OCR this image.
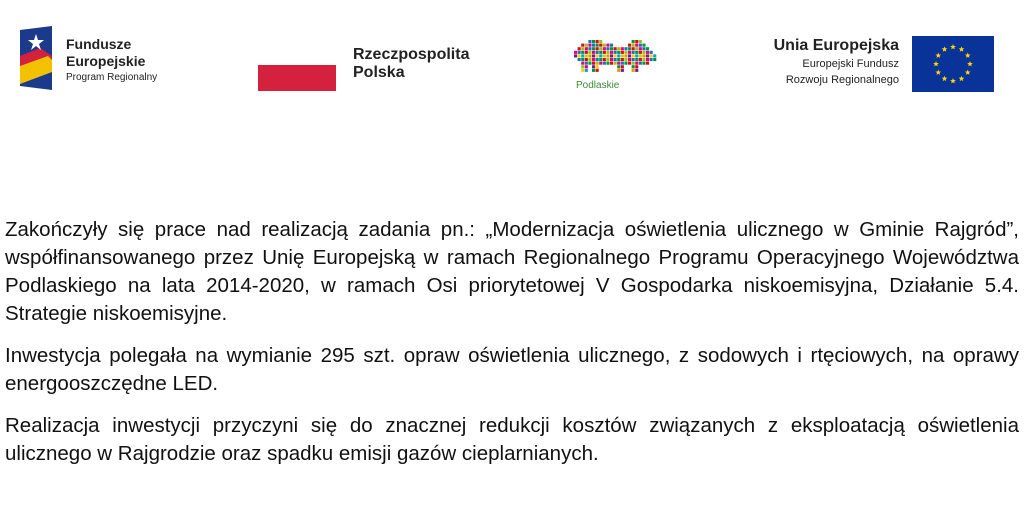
Fundusze
Europejskie
Program Regionalny
Rzeczpospolita
Polska
Podlaskie
Unia Europejska
Europejski Fundusz
Rozwoju Regionalnego

Zakończyły się prace nad realizacją zadania pn.: „Modernizacja oświetlenia ulicznego w Gminie Rajgród”, współfinansowanego przez Unię Europejską w ramach Regionalnego Programu Operacyjnego Województwa Podlaskiego na lata 2014-2020, w ramach Osi priorytetowej V Gospodarka niskoemisyjna, Działanie 5.4. Strategie niskoemisyjne.

Inwestycja polegała na wymianie 295 szt. opraw oświetlenia ulicznego, z sodowych i rtęciowych, na oprawy energooszczędne LED.

Realizacja inwestycji przyczyni się do znacznej redukcji kosztów związanych z eksploatacją oświetlenia ulicznego w Rajgrodzie oraz spadku emisji gazów cieplarnianych.
